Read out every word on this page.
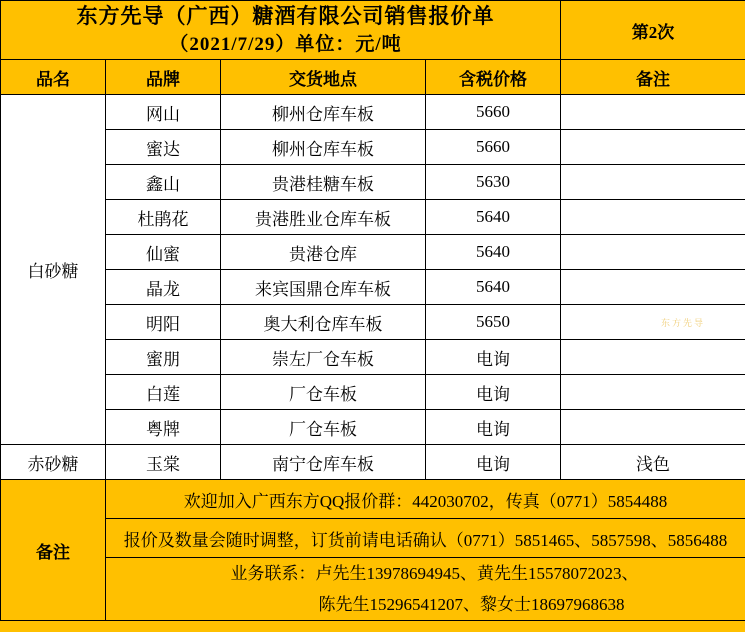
东方先导（广西）糖酒有限公司销售报价单
（2021/7/29）单位：元/吨				第2次
品名	品牌	交货地点	含税价格	备注
白砂糖	网山	柳州仓库车板	5660	
	蜜达	柳州仓库车板	5660	
	鑫山	贵港桂糖车板	5630	
	杜鹃花	贵港胜业仓库车板	5640	
	仙蜜	贵港仓库	5640	
	晶龙	来宾国鼎仓库车板	5640	
	明阳	奥大利仓库车板	5650	
	蜜朋	崇左厂仓车板	电询	
	白莲	厂仓车板	电询	
	粤牌	厂仓车板	电询	
赤砂糖	玉棠	南宁仓库车板	电询	浅色
备注	欢迎加入广西东方QQ报价群：442030702，传真（0771）5854488			
	报价及数量会随时调整，订货前请电话确认（0771）5851465、5857598、5856488			

	业务联系：卢先生13978694945、黄先生15578072023、
陈先生15296541207、黎女士18697968638			
东方先导
